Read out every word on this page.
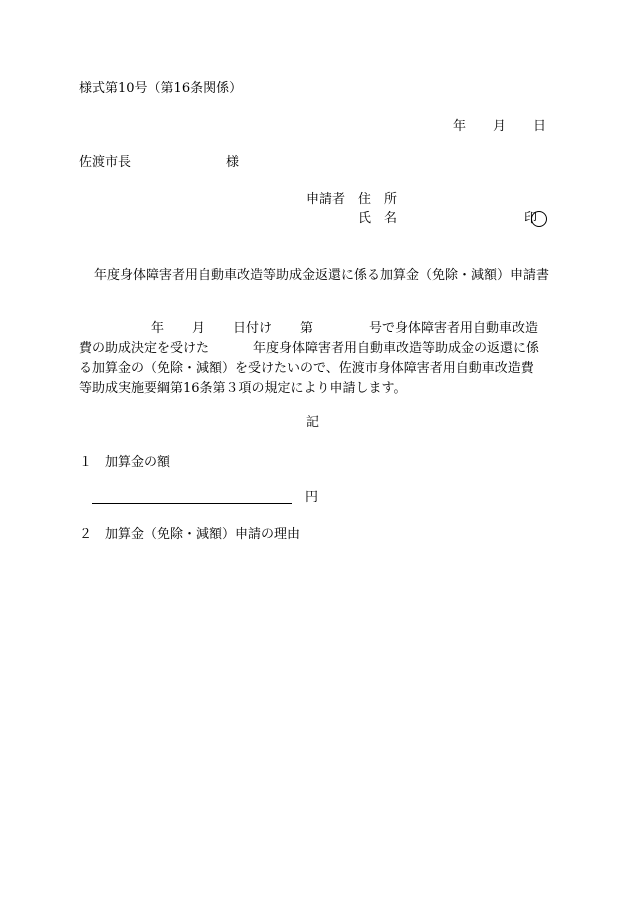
様式第10号（第16条関係）
年 月 日
佐渡市長	様
申請者 住　所
氏　名	印
年度身体障害者用自動車改造等助成金返還に係る加算金（免除・減額）申請書
年 月 日付け 第	号で身体障害者用自動車改造
費の助成決定を受けた	年度身体障害者用自動車改造等助成金の返還に係
る加算金の（免除・減額）を受けたいので、佐渡市身体障害者用自動車改造費
等助成実施要綱第16条第３項の規定により申請します。
記
１ 加算金の額
円
２ 加算金（免除・減額）申請の理由
